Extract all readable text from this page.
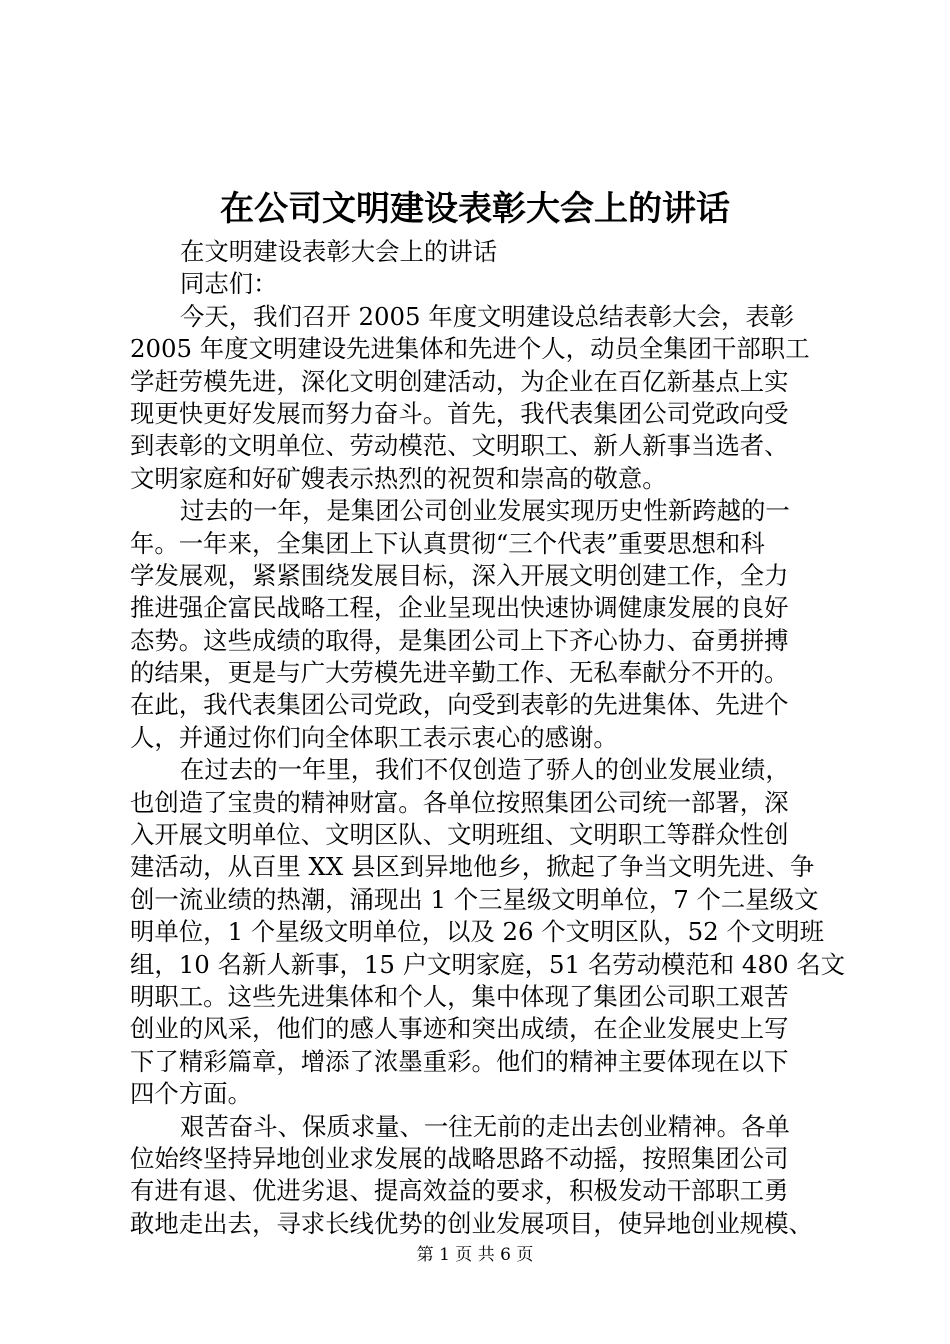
在公司文明建设表彰大会上的讲话
在文明建设表彰大会上的讲话
同志们：
今天，我们召开 2005 年度文明建设总结表彰大会，表彰
2005 年度文明建设先进集体和先进个人，动员全集团干部职工
学赶劳模先进，深化文明创建活动，为企业在百亿新基点上实
现更快更好发展而努力奋斗。首先，我代表集团公司党政向受
到表彰的文明单位、劳动模范、文明职工、新人新事当选者、
文明家庭和好矿嫂表示热烈的祝贺和崇高的敬意。
过去的一年，是集团公司创业发展实现历史性新跨越的一
年。一年来，全集团上下认真贯彻“三个代表”重要思想和科
学发展观，紧紧围绕发展目标，深入开展文明创建工作，全力
推进强企富民战略工程，企业呈现出快速协调健康发展的良好
态势。这些成绩的取得，是集团公司上下齐心协力、奋勇拼搏
的结果，更是与广大劳模先进辛勤工作、无私奉献分不开的。
在此，我代表集团公司党政，向受到表彰的先进集体、先进个
人，并通过你们向全体职工表示衷心的感谢。
在过去的一年里，我们不仅创造了骄人的创业发展业绩，
也创造了宝贵的精神财富。各单位按照集团公司统一部署，深
入开展文明单位、文明区队、文明班组、文明职工等群众性创
建活动，从百里 XX 县区到异地他乡，掀起了争当文明先进、争
创一流业绩的热潮，涌现出 1 个三星级文明单位，7 个二星级文
明单位，1 个星级文明单位，以及 26 个文明区队，52 个文明班
组，10 名新人新事，15 户文明家庭，51 名劳动模范和 480 名文
明职工。这些先进集体和个人，集中体现了集团公司职工艰苦
创业的风采，他们的感人事迹和突出成绩，在企业发展史上写
下了精彩篇章，增添了浓墨重彩。他们的精神主要体现在以下
四个方面。
艰苦奋斗、保质求量、一往无前的走出去创业精神。各单
位始终坚持异地创业求发展的战略思路不动摇，按照集团公司
有进有退、优进劣退、提高效益的要求，积极发动干部职工勇
敢地走出去，寻求长线优势的创业发展项目，使异地创业规模、
第 1 页 共 6 页
